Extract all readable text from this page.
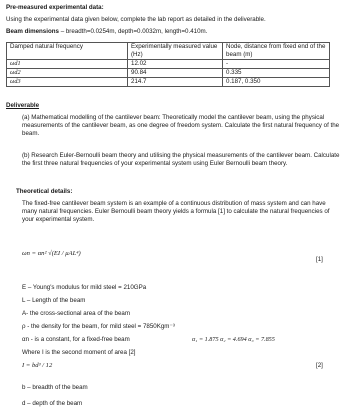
Pre-measured experimental data:
Using the experimental data given below, complete the lab report as detailed in the deliverable.
Beam dimensions – breadth=0.0254m, depth=0.0032m, length=0.410m.
Damped natural frequency	Experimentally measured value (Hz)	Node, distance from fixed end of the beam (m)
ωd1	12.02	-
ωd2	90.84	0.335
ωd3	214.7	0.187, 0.350
Deliverable
(a) Mathematical modelling of the cantilever beam: Theoretically model the cantilever beam, using the physical measurements of the cantilever beam, as one degree of freedom system. Calculate the first natural frequency of the beam.
(b) Research Euler-Bernoulli beam theory and utilising the physical measurements of the cantilever beam. Calculate the first three natural frequencies of your experimental system using Euler Bernoulli beam theory.
Theoretical details:
The fixed-free cantilever beam system is an example of a continuous distribution of mass system and can have many natural frequencies. Euler Bernoulli beam theory yields a formula [1] to calculate the natural frequencies of your experimental system.
ωn = αn² √(EI / μAL⁴)
[1]
E – Young's modulus for mild steel = 210GPa
L – Length of the beam
A- the cross-sectional area of the beam
ρ - the density for the beam, for mild steel = 7850Kgm⁻³
αn - is a constant, for a fixed-free beam	α₁ = 1.875 α₂ = 4.694 α₃ = 7.855
Where I is the second moment of area [2]
I = bd³ / 12	[2]
b – breadth of the beam
d – depth of the beam
